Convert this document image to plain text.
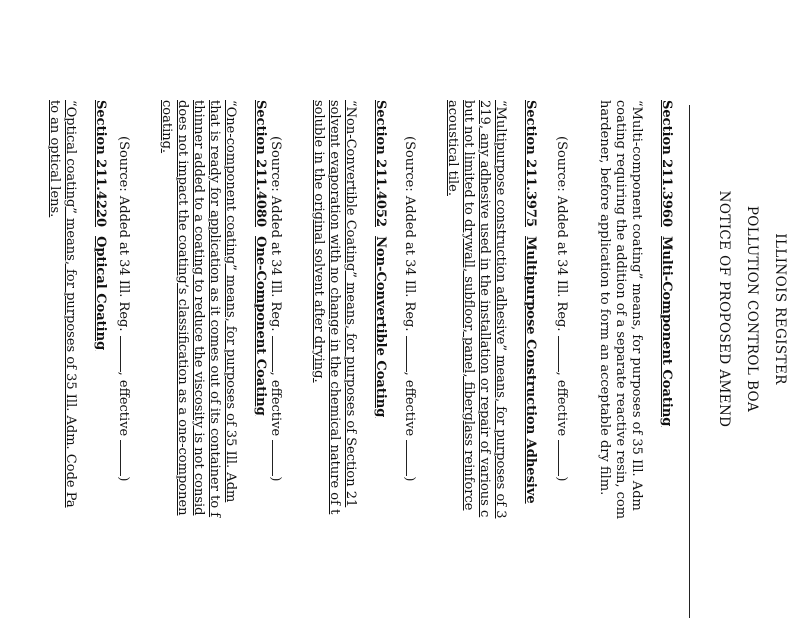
ILLINOIS REGISTER
POLLUTION CONTROL BOA
NOTICE OF PROPOSED AMEND

Section 211.3960  Multi-Component Coating

“Multi-component coating” means, for purposes of 35 Ill. Adm

coating requiring the addition of a separate reactive resin, com

hardener, before application to form an acceptable dry film.

(Source: Added at 34 Ill. Reg. , effective )

Section 211.3975  Multipurpose Construction Adhesive

“Multipurpose construction adhesive” means, for purposes of 3

219, any adhesive used in the installation or repair of various c

but not limited to drywall, subfloor, panel, fiberglass reinforce

acoustical tile.

(Source: Added at 34 Ill. Reg. , effective )

Section 211.4052  Non-Convertible Coating

“Non-Convertible Coating” means, for purposes of Section 21

solvent evaporation with no change in the chemical nature of t

soluble in the original solvent after drying.

(Source: Added at 34 Ill. Reg. , effective )

Section 211.4080  One-Component Coating

“One-component coating” means, for purposes of 35 Ill. Adm

that is ready for application as it comes out of its container to f

thinner added to a coating to reduce the viscosity is not consid

does not impact the coating’s classification as a one-componen

coating.

(Source: Added at 34 Ill. Reg. , effective )

Section 211.4220  Optical Coating

“Optical coating” means, for purposes of 35 Ill. Adm. Code Pa

to an optical lens.
